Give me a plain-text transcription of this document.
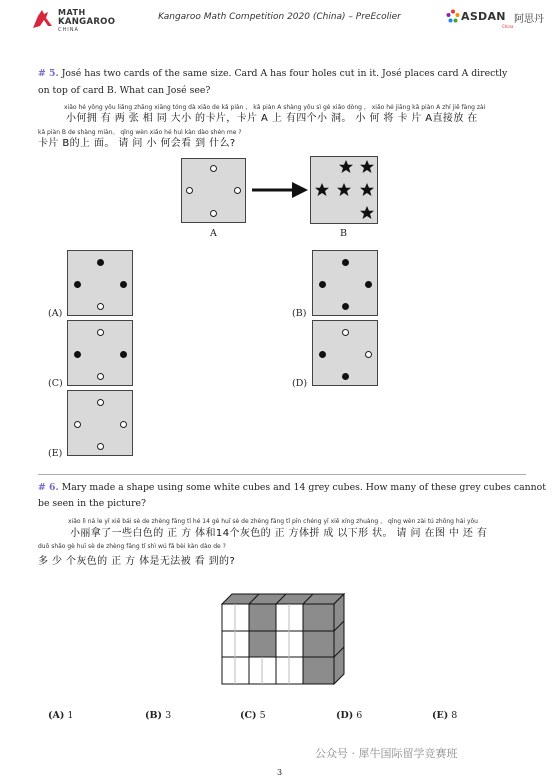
MATH
KANGAROO
CHINA
Kangaroo Math Competition 2020 (China) – PreEcolier	ASDAN 阿思丹
China
# 5. José has two cards of the same size. Card A has four holes cut in it. José places card A directly
on top of card B. What can José see?
xiǎo hé yōng yǒu liǎng zhāng xiāng tóng dà xiǎo de kǎ piàn ， kǎ piàn A shàng yǒu sì gè xiǎo dòng ， xiǎo hé jiāng kǎ piàn A zhí jiē fàng zài
小何拥 有 两 张 相 同 大小 的卡片，卡片 A 上 有四个小 洞。 小 何 将 卡 片 A直接放 在
kǎ piàn B de shàng miàn。 qǐng wèn xiǎo hé huì kàn dào shén me ?
卡片 B的上 面。 请 问 小 何会看 到 什么?
A	B
(A)	(B)
(C)	(D)
(E)
# 6. Mary made a shape using some white cubes and 14 grey cubes. How many of these grey cubes cannot
be seen in the picture?
xiǎo lì ná le yī xiē bái sè de zhèng fāng tǐ hé 14 gè huī sè de zhèng fāng tǐ pīn chéng yī xiē xíng zhuàng ， qǐng wèn zài tú zhōng hái yǒu
小丽拿了一些白色的 正 方 体和14个灰色的 正 方体拼 成 以下形 状。 请 问 在图 中 还 有
duō shǎo gè huī sè de zhèng fāng tǐ shì wú fǎ bèi kàn dào de ?
多 少 个灰色的 正 方 体是无法被 看 到的?
(A) 1	(B) 3	(C) 5	(D) 6	(E) 8
公众号 · 犀牛国际留学竞赛班
3
